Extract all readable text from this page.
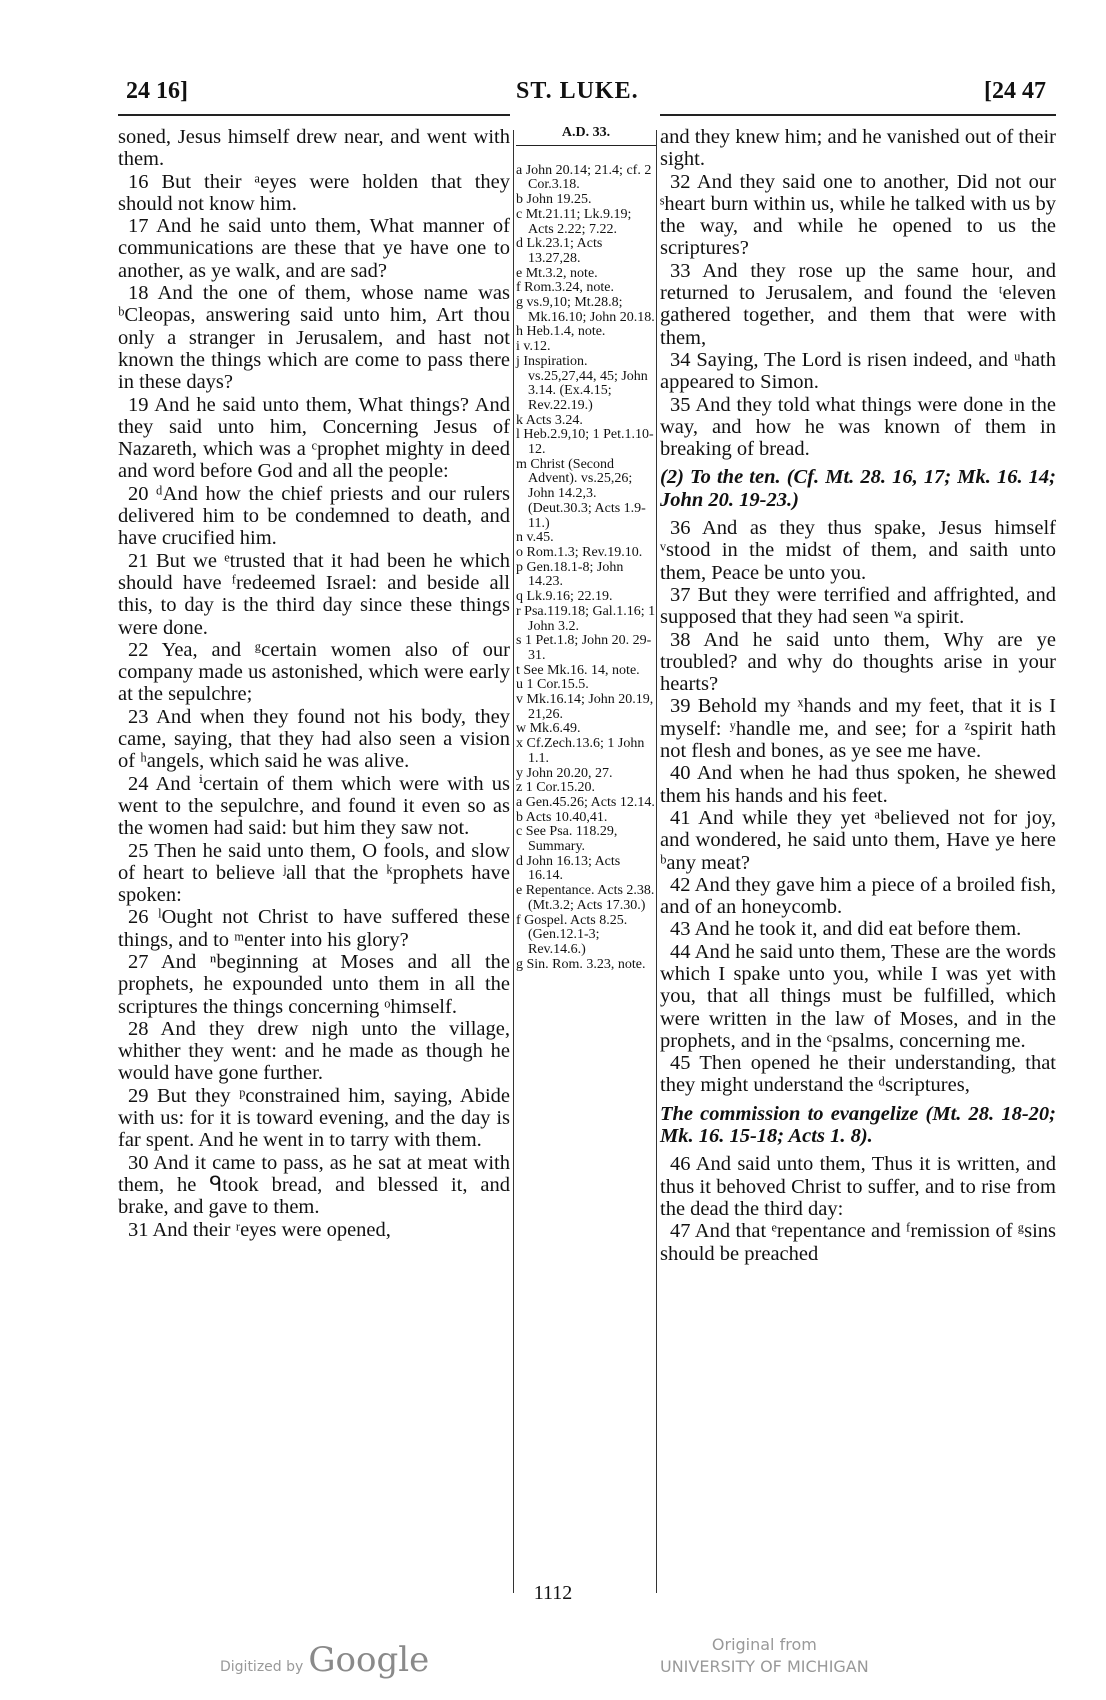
24 16]	ST. LUKE.	[24 47

soned, Jesus himself drew near, and went with them.

16 But their ᵃeyes were holden that they should not know him.

17 And he said unto them, What manner of communications are these that ye have one to another, as ye walk, and are sad?

18 And the one of them, whose name was ᵇCleopas, answering said unto him, Art thou only a stranger in Jerusalem, and hast not known the things which are come to pass there in these days?

19 And he said unto them, What things? And they said unto him, Concerning Jesus of Nazareth, which was a ᶜprophet mighty in deed and word before God and all the people:

20 ᵈAnd how the chief priests and our rulers delivered him to be condemned to death, and have crucified him.

21 But we ᵉtrusted that it had been he which should have ᶠredeemed Israel: and beside all this, to day is the third day since these things were done.

22 Yea, and ᵍcertain women also of our company made us astonished, which were early at the sepulchre;

23 And when they found not his body, they came, saying, that they had also seen a vision of ʰangels, which said he was alive.

24 And ⁱcertain of them which were with us went to the sepulchre, and found it even so as the women had said: but him they saw not.

25 Then he said unto them, O fools, and slow of heart to believe ʲall that the ᵏprophets have spoken:

26 ˡOught not Christ to have suffered these things, and to ᵐenter into his glory?

27 And ⁿbeginning at Moses and all the prophets, he expounded unto them in all the scriptures the things concerning ᵒhimself.

28 And they drew nigh unto the village, whither they went: and he made as though he would have gone further.

29 But they ᵖconstrained him, saying, Abide with us: for it is toward evening, and the day is far spent. And he went in to tarry with them.

30 And it came to pass, as he sat at meat with them, he ᑫtook bread, and blessed it, and brake, and gave to them.

31 And their ʳeyes were opened,

A.D. 33.
a John 20.14; 21.4; cf. 2 Cor.3.18.
b John 19.25.
c Mt.21.11; Lk.9.19; Acts 2.22; 7.22.
d Lk.23.1; Acts 13.27,28.
e Mt.3.2, note.
f Rom.3.24, note.
g vs.9,10; Mt.28.8; Mk.16.10; John 20.18.
h Heb.1.4, note.
i v.12.
j Inspiration. vs.25,27,44, 45; John 3.14. (Ex.4.15; Rev.22.19.)
k Acts 3.24.
l Heb.2.9,10; 1 Pet.1.10-12.
m Christ (Second Advent). vs.25,26; John 14.2,3. (Deut.30.3; Acts 1.9-11.)
n v.45.
o Rom.1.3; Rev.19.10.
p Gen.18.1-8; John 14.23.
q Lk.9.16; 22.19.
r Psa.119.18; Gal.1.16; 1 John 3.2.
s 1 Pet.1.8; John 20. 29-31.
t See Mk.16. 14, note.
u 1 Cor.15.5.
v Mk.16.14; John 20.19, 21,26.
w Mk.6.49.
x Cf.Zech.13.6; 1 John 1.1.
y John 20.20, 27.
z 1 Cor.15.20.
a Gen.45.26; Acts 12.14.
b Acts 10.40,41.
c See Psa. 118.29, Summary.
d John 16.13; Acts 16.14.
e Repentance. Acts 2.38. (Mt.3.2; Acts 17.30.)
f Gospel. Acts 8.25. (Gen.12.1-3; Rev.14.6.)
g Sin. Rom. 3.23, note.

and they knew him; and he vanished out of their sight.

32 And they said one to another, Did not our ˢheart burn within us, while he talked with us by the way, and while he opened to us the scriptures?

33 And they rose up the same hour, and returned to Jerusalem, and found the ᵗeleven gathered together, and them that were with them,

34 Saying, The Lord is risen indeed, and ᵘhath appeared to Simon.

35 And they told what things were done in the way, and how he was known of them in breaking of bread.

(2) To the ten. (Cf. Mt. 28. 16, 17; Mk. 16. 14; John 20. 19-23.)

36 And as they thus spake, Jesus himself ᵛstood in the midst of them, and saith unto them, Peace be unto you.

37 But they were terrified and affrighted, and supposed that they had seen ʷa spirit.

38 And he said unto them, Why are ye troubled? and why do thoughts arise in your hearts?

39 Behold my ˣhands and my feet, that it is I myself: ʸhandle me, and see; for a ᶻspirit hath not flesh and bones, as ye see me have.

40 And when he had thus spoken, he shewed them his hands and his feet.

41 And while they yet ᵃbelieved not for joy, and wondered, he said unto them, Have ye here ᵇany meat?

42 And they gave him a piece of a broiled fish, and of an honeycomb.

43 And he took it, and did eat before them.

44 And he said unto them, These are the words which I spake unto you, while I was yet with you, that all things must be fulfilled, which were written in the law of Moses, and in the prophets, and in the ᶜpsalms, concerning me.

45 Then opened he their understanding, that they might understand the ᵈscriptures,

The commission to evangelize (Mt. 28. 18-20; Mk. 16. 15-18; Acts 1. 8).

46 And said unto them, Thus it is written, and thus it behoved Christ to suffer, and to rise from the dead the third day:

47 And that ᵉrepentance and ᶠremission of ᵍsins should be preached

1112
Digitized by Google	Original from
UNIVERSITY OF MICHIGAN
